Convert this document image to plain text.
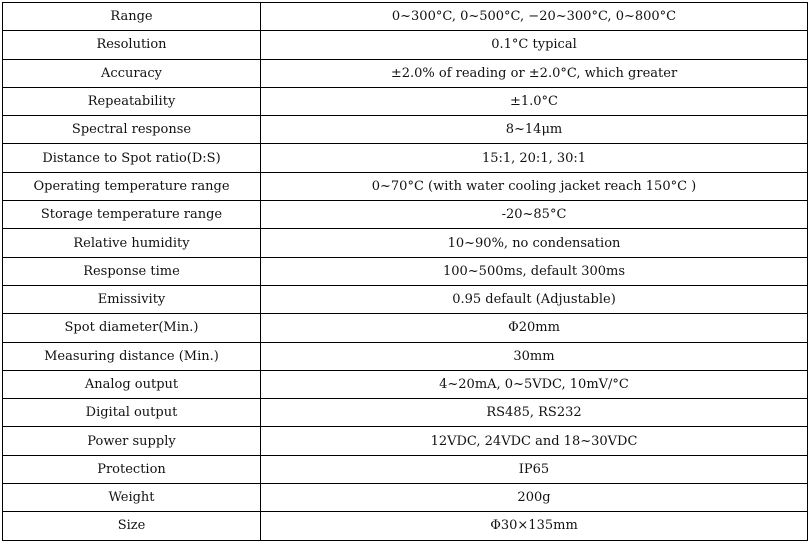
Range	0~300°C, 0~500°C, −20~300°C, 0~800°C
Resolution	0.1°C typical
Accuracy	±2.0% of reading or ±2.0°C, which greater
Repeatability	±1.0°C
Spectral response	8~14μm
Distance to Spot ratio(D:S)	15:1, 20:1, 30:1
Operating temperature range	0~70°C (with water cooling jacket reach 150°C )
Storage temperature range	-20~85°C
Relative humidity	10~90%, no condensation
Response time	100~500ms, default 300ms
Emissivity	0.95 default (Adjustable)
Spot diameter(Min.)	Φ20mm
Measuring distance (Min.)	30mm
Analog output	4~20mA, 0~5VDC, 10mV/°C
Digital output	RS485, RS232
Power supply	12VDC, 24VDC and 18~30VDC
Protection	IP65
Weight	200g
Size	Φ30×135mm
